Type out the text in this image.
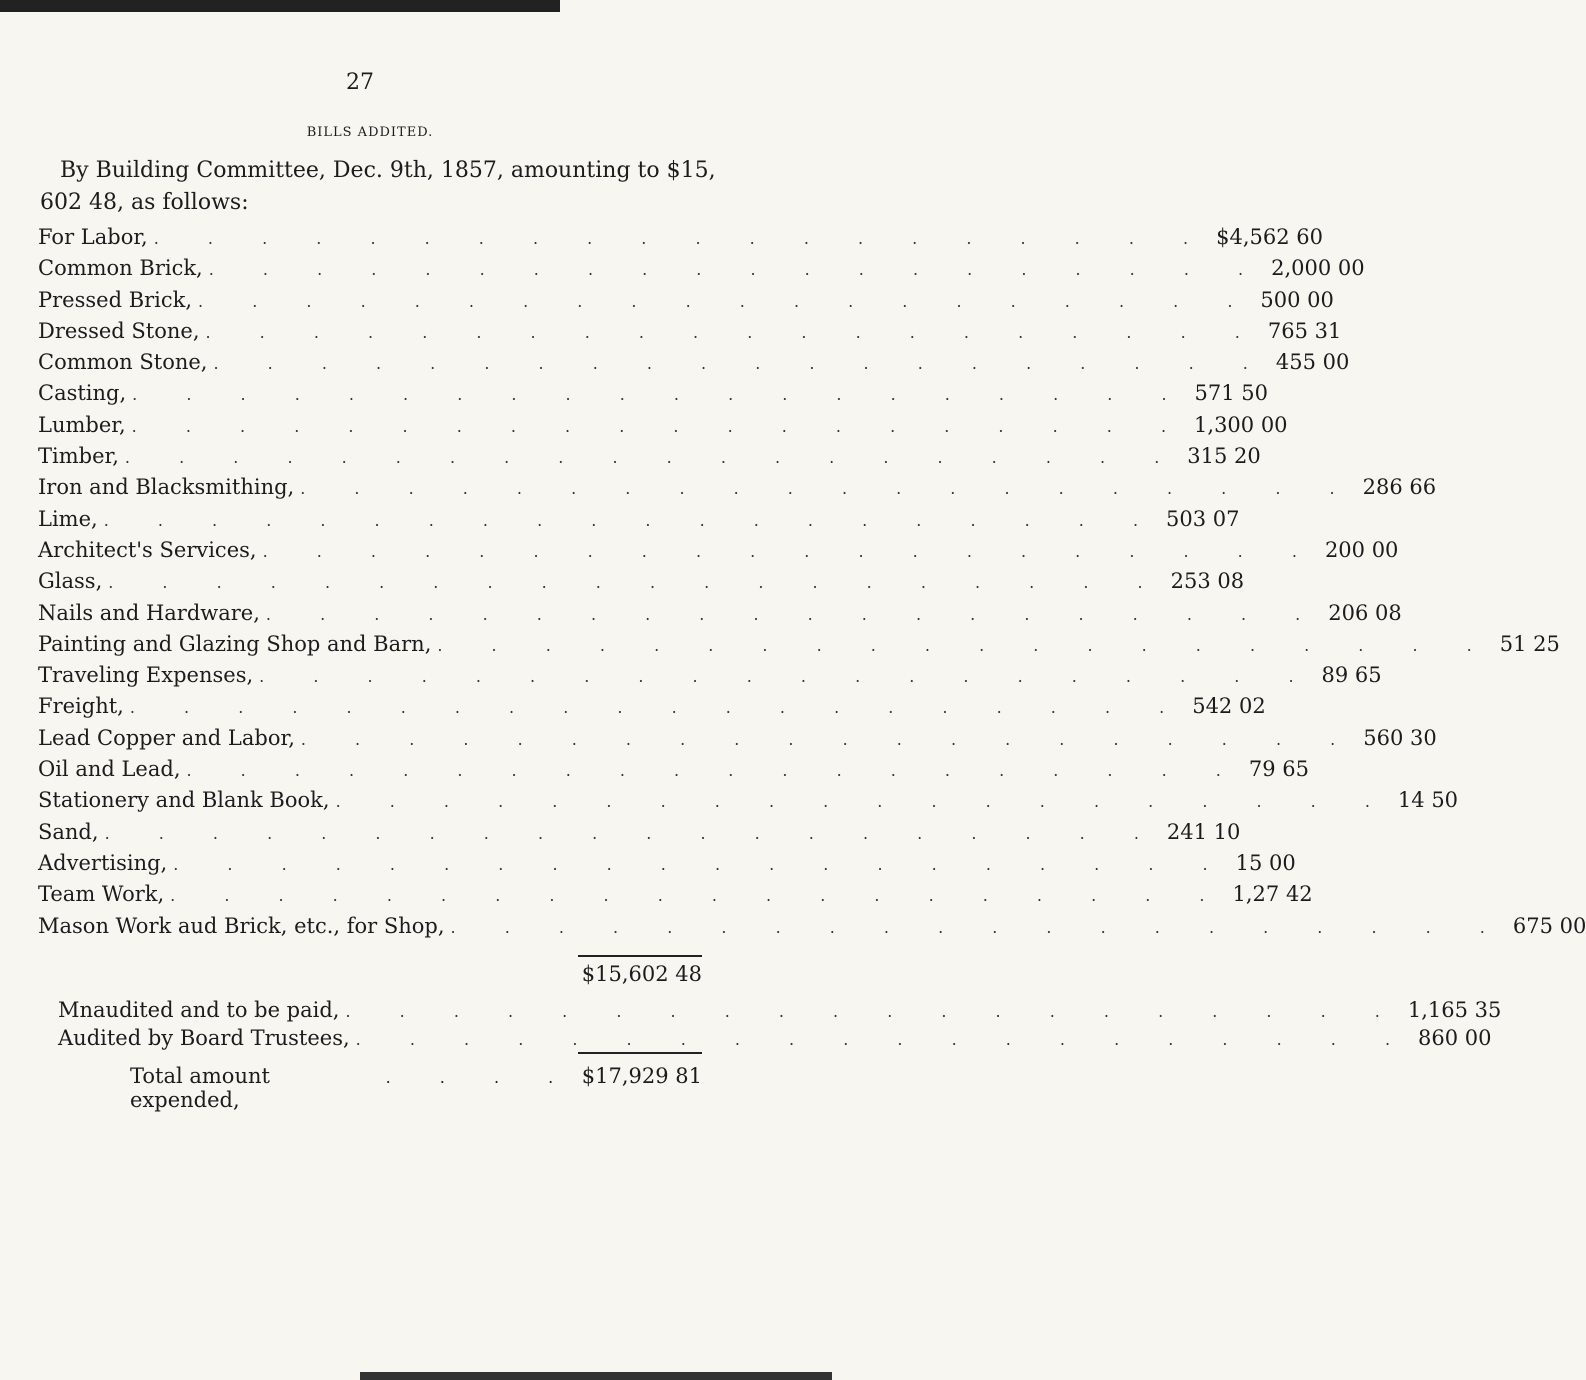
27
BILLS ADDITED.

By Building Committee, Dec. 9th, 1857, amounting to $15, 602 48, as follows:

For Labor, . . . . . . . . . . . . . . . . . . . . $4,562 60
Common Brick, . . . . . . . . . . . . . . . . . . . . 2,000 00
Pressed Brick, . . . . . . . . . . . . . . . . . . . . 500 00
Dressed Stone, . . . . . . . . . . . . . . . . . . . . 765 31
Common Stone, . . . . . . . . . . . . . . . . . . . . 455 00
Casting, . . . . . . . . . . . . . . . . . . . . 571 50
Lumber, . . . . . . . . . . . . . . . . . . . . 1,300 00
Timber, . . . . . . . . . . . . . . . . . . . . 315 20
Iron and Blacksmithing, . . . . . . . . . . . . . . . . . . . . 286 66
Lime, . . . . . . . . . . . . . . . . . . . . 503 07
Architect's Services, . . . . . . . . . . . . . . . . . . . . 200 00
Glass, . . . . . . . . . . . . . . . . . . . . 253 08
Nails and Hardware, . . . . . . . . . . . . . . . . . . . . 206 08
Painting and Glazing Shop and Barn, . . . . . . . . . . . . . . . . . . . . 51 25
Traveling Expenses, . . . . . . . . . . . . . . . . . . . . 89 65
Freight, . . . . . . . . . . . . . . . . . . . . 542 02
Lead Copper and Labor, . . . . . . . . . . . . . . . . . . . . 560 30
Oil and Lead, . . . . . . . . . . . . . . . . . . . . 79 65
Stationery and Blank Book, . . . . . . . . . . . . . . . . . . . . 14 50
Sand, . . . . . . . . . . . . . . . . . . . . 241 10
Advertising, . . . . . . . . . . . . . . . . . . . . 15 00
Team Work, . . . . . . . . . . . . . . . . . . . . 1,27 42
Mason Work aud Brick, etc., for Shop, . . . . . . . . . . . . . . . . . . . . 675 00
$15,602 48
Mnaudited and to be paid, . . . . . . . . . . . . . . . . . . . . 1,165 35
Audited by Board Trustees, . . . . . . . . . . . . . . . . . . . . 860 00
Total amount expended,
. . . . $17,929 81
